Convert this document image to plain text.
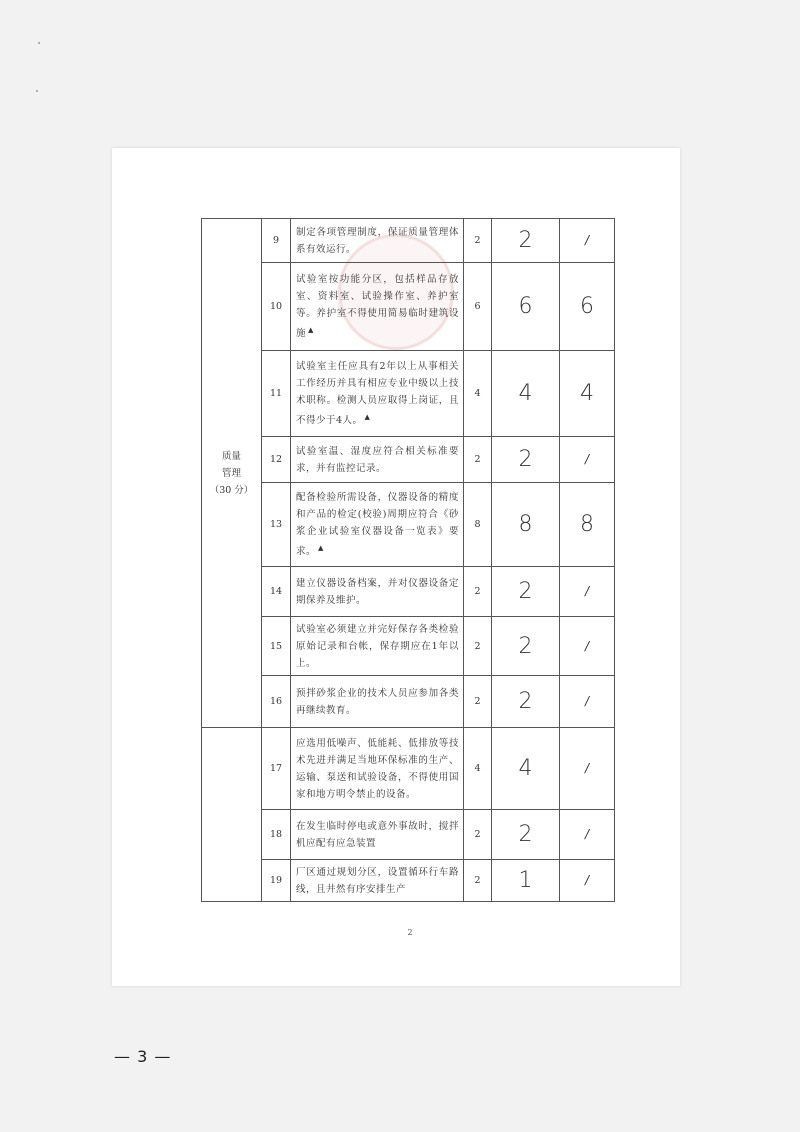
质量
管理
（30 分）	9	制定各项管理制度，保证质量管理体系有效运行。	2	2	/
	10	试验室按功能分区，包括样品存放室、资料室、试验操作室、养护室等。养护室不得使用简易临时建筑设施 ▲	6	6	6
	11	试验室主任应具有2年以上从事相关工作经历并具有相应专业中级以上技术职称。检测人员应取得上岗证，且不得少于4人。 ▲	4	4	4
	12	试验室温、湿度应符合相关标准要求，并有监控记录。	2	2	/
	13	配备检验所需设备，仪器设备的精度和产品的检定(校验)周期应符合《砂浆企业试验室仪器设备一览表》要求。 ▲	8	8	8
	14	建立仪器设备档案，并对仪器设备定期保养及维护。	2	2	/
	15	试验室必须建立并完好保存各类检验原始记录和台帐，保存期应在1年以上。	2	2	/
	16	预拌砂浆企业的技术人员应参加各类再继续教育。	2	2	/
	17	应选用低噪声、低能耗、低排放等技术先进并满足当地环保标准的生产、运输、泵送和试验设备，不得使用国家和地方明令禁止的设备。	4	4	/
	18	在发生临时停电或意外事故时，搅拌机应配有应急装置	2	2	/
	19	厂区通过规划分区，设置循环行车路线，且井然有序安排生产	2	1	/
2
— 3 —
